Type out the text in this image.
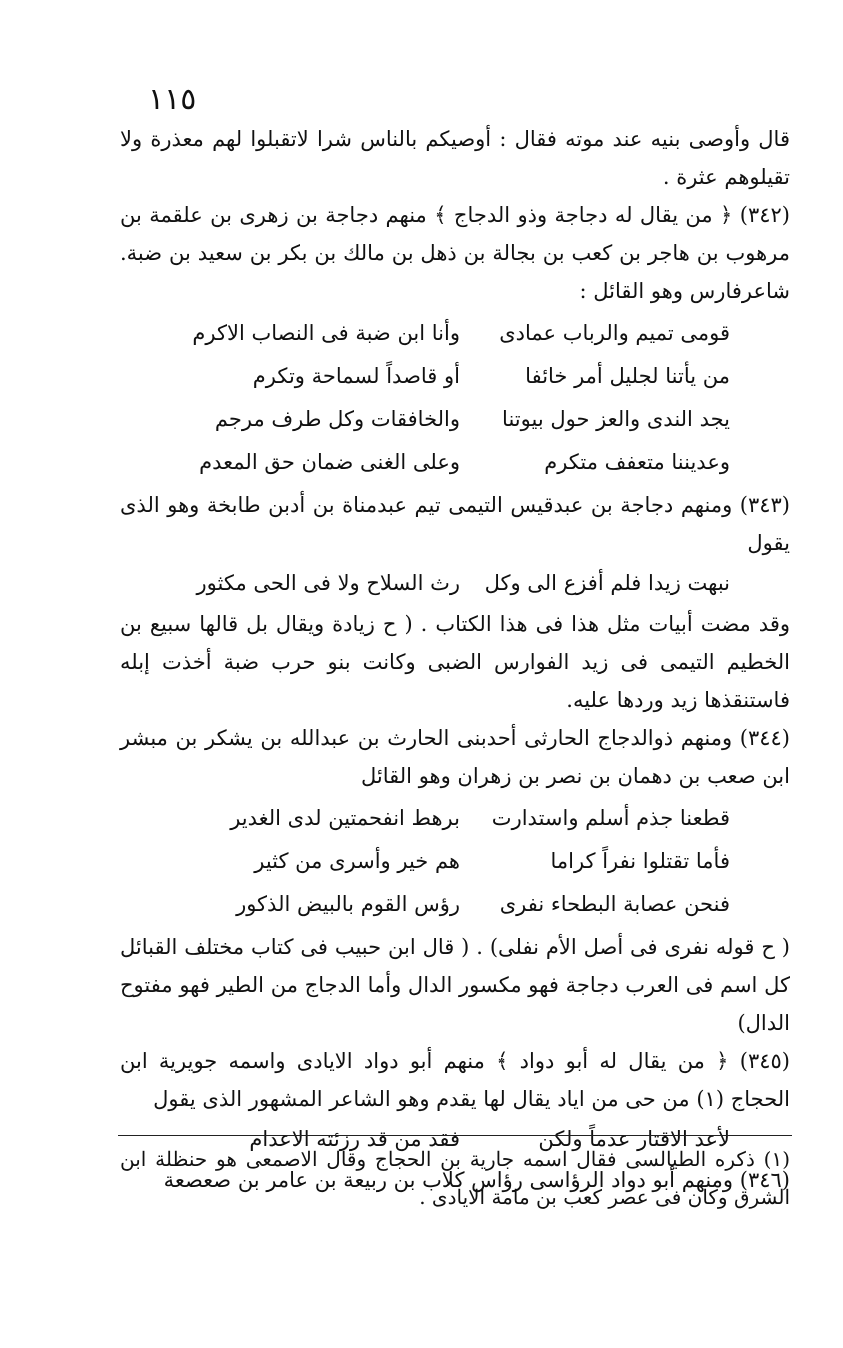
١١٥

قال وأوصى بنيه عند موته فقال : أوصيكم بالناس شرا لاتقبلوا لهم معذرة ولا تقيلوهم عثرة .

(٣٤٢) ﴿ من يقال له دجاجة وذو الدجاج ﴾ منهم دجاجة بن زهرى بن علقمة بن مرهوب بن هاجر بن كعب بن بجالة بن ذهل بن مالك بن بكر بن سعيد بن ضبة. شاعرفارس وهو القائل :

قومى تميم والرباب عمادى
وأنا ابن ضبة فى النصاب الاكرم
من يأتنا لجليل أمر خائفا
أو قاصداً لسماحة وتكرم
يجد الندى والعز حول بيوتنا
والخافقات وكل طرف مرجم
وعديننا متعفف متكرم
وعلى الغنى ضمان حق المعدم

(٣٤٣) ومنهم دجاجة بن عبدقيس التيمى تيم عبدمناة بن أدبن طابخة وهو الذى يقول

نبهت زيدا فلم أفزع الى وكل
رث السلاح ولا فى الحى مكثور

وقد مضت أبيات مثل هذا فى هذا الكتاب . ( ح زيادة ويقال بل قالها سبيع بن الخطيم التيمى فى زيد الفوارس الضبى وكانت بنو حرب ضبة أخذت إبله فاستنقذها زيد وردها عليه.

(٣٤٤) ومنهم ذوالدجاج الحارثى أحدبنى الحارث بن عبدالله بن يشكر بن مبشر ابن صعب بن دهمان بن نصر بن زهران وهو القائل

قطعنا جذم أسلم واستدارت
برهط انفحمتين لدى الغدير
فأما تقتلوا نفراً كراما
هم خير وأسرى من كثير
فنحن عصابة البطحاء نفرى
رؤس القوم بالبيض الذكور

( ح قوله نفرى فى أصل الأم نفلى) . ( قال ابن حبيب فى كتاب مختلف القبائل كل اسم فى العرب دجاجة فهو مكسور الدال وأما الدجاج من الطير فهو مفتوح الدال)

(٣٤٥) ﴿ من يقال له أبو دواد ﴾ منهم أبو دواد الايادى واسمه جويرية ابن الحجاج (١) من حى من اياد يقال لها يقدم وهو الشاعر المشهور الذى يقول

لأعد الاقتار عدماً ولكن
فقد من قد رزئته الاعدام

(٣٤٦) ومنهم أبو دواد الرؤاسى رؤاس كلاب بن ربيعة بن عامر بن صعصعة

(١) ذكره الطيالسى فقال اسمه جارية بن الحجاج وقال الاصمعى هو حنظلة ابن الشرق وكان فى عصر كعب بن مامة الايادى .
